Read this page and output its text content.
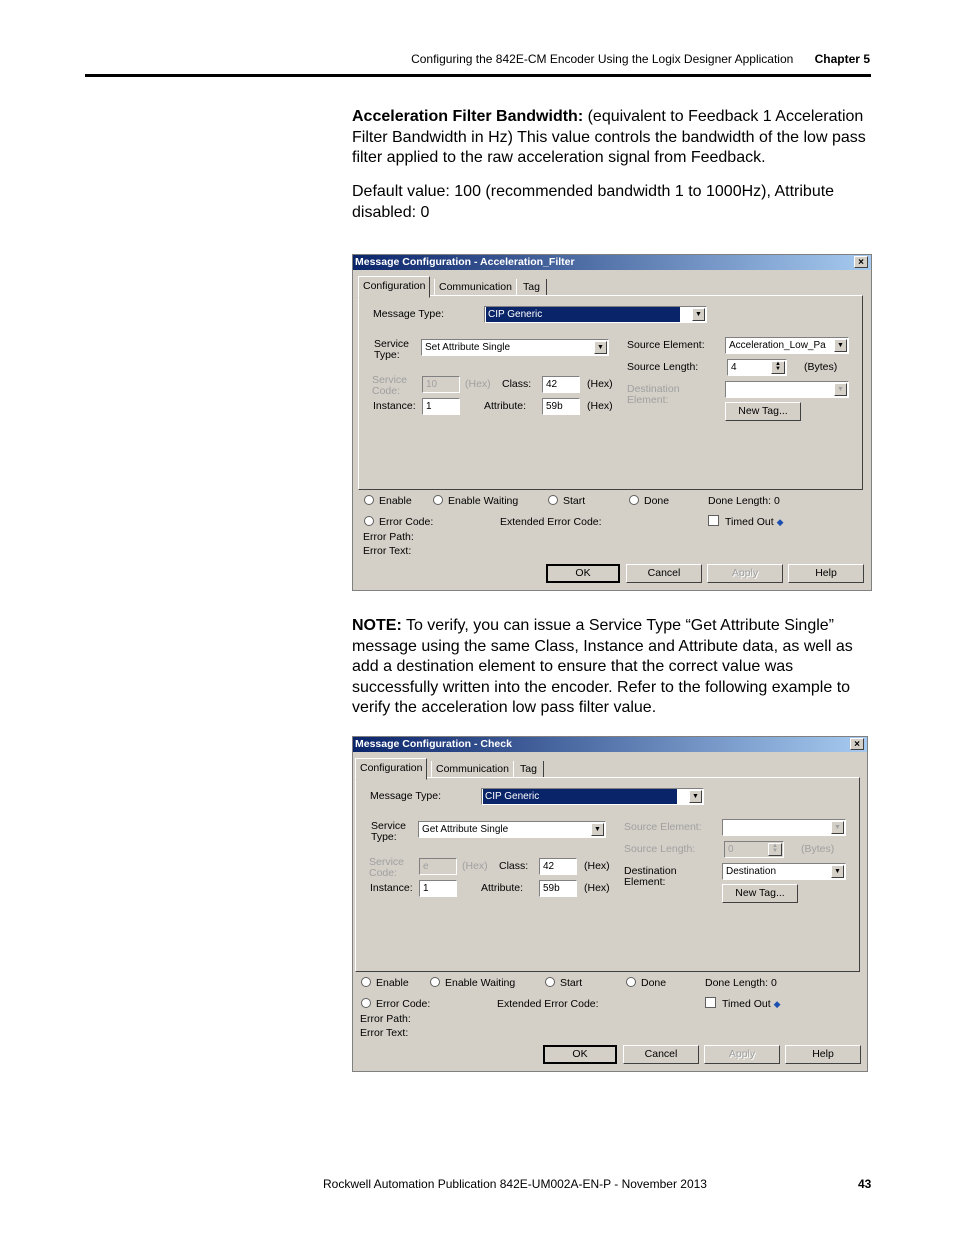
Configuring the 842E-CM Encoder Using the Logix Designer Application Chapter 5

Acceleration Filter Bandwidth: (equivalent to Feedback 1 Acceleration Filter Bandwidth in Hz) This value controls the bandwidth of the low pass filter applied to the raw acceleration signal from Feedback.

Default value: 100 (recommended bandwidth 1 to 1000Hz), Attribute disabled: 0

Message Configuration - Acceleration_Filter	×
Configuration	Communication	Tag
Message Type:	CIP Generic	▼
Service
Type:
Set Attribute Single	▼
Service
Code:
10	(Hex) Class:	42	(Hex)
Instance:	1	Attribute:	59b	(Hex)
Source Element:	Acceleration_Low_Pa	▼
Source Length:	4	▲
▼	(Bytes)
Destination
Element:
▼
New Tag...
Enable	Enable Waiting	Start	Done	Done Length: 0
Error Code:	Extended Error Code:	Timed Out ◆
Error Path:
Error Text:
OK	Cancel	Apply	Help

NOTE: To verify, you can issue a Service Type “Get Attribute Single” message using the same Class, Instance and Attribute data, as well as add a destination element to ensure that the correct value was successfully written into the encoder. Refer to the following example to verify the acceleration low pass filter value.

Message Configuration - Check	×
Configuration	Communication	Tag
Message Type:	CIP Generic	▼
Service
Type:
Get Attribute Single	▼
Service
Code:
e	(Hex) Class:	42	(Hex)
Instance:	1	Attribute:	59b	(Hex)
Source Element:	▼
Source Length:	0	▲
▼	(Bytes)
Destination
Element:
Destination	▼
New Tag...
Enable	Enable Waiting	Start	Done	Done Length: 0
Error Code:	Extended Error Code:	Timed Out ◆
Error Path:
Error Text:
OK	Cancel	Apply	Help
Rockwell Automation Publication 842E-UM002A-EN-P - November 2013	43
